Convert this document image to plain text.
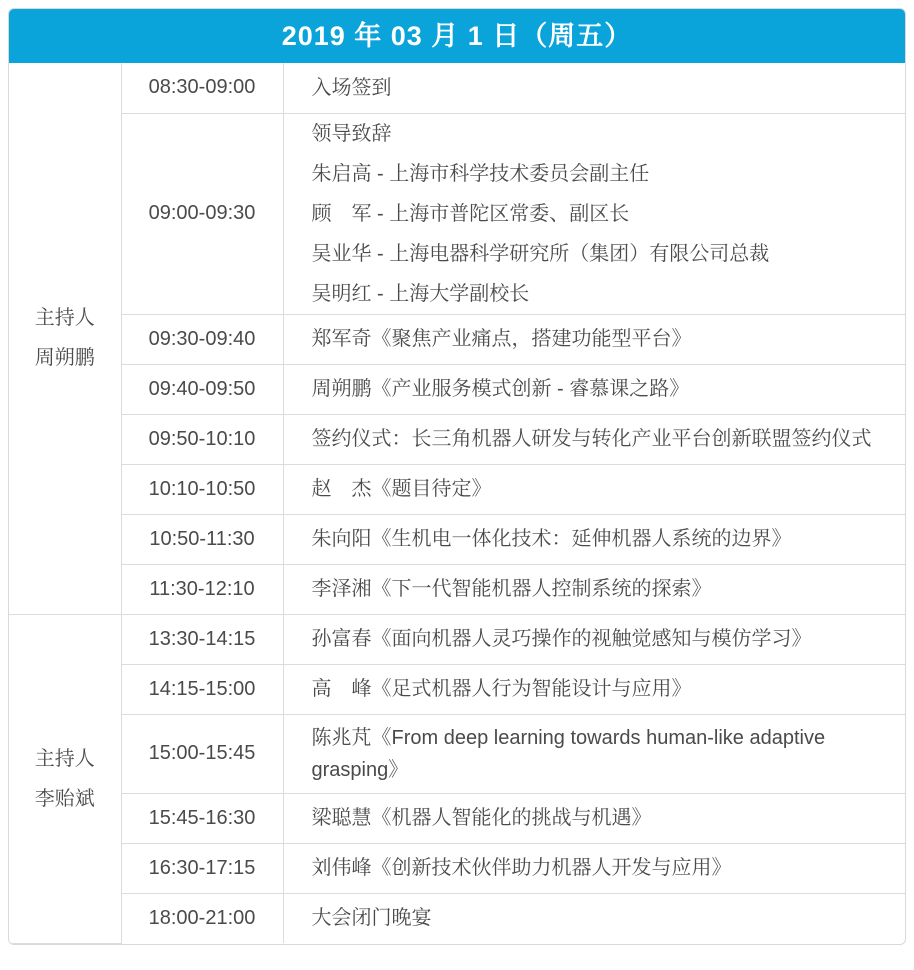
2019 年 03 月 1 日（周五）
主持人
周朔鹏	08:30-09:00	入场签到

	09:00-09:30	领导致辞
朱启高 - 上海市科学技术委员会副主任
顾　军 - 上海市普陀区常委、副区长
吴业华 - 上海电器科学研究所（集团）有限公司总裁
吴明红 - 上海大学副校长

	09:30-09:40	郑军奇《聚焦产业痛点，搭建功能型平台》

	09:40-09:50	周朔鹏《产业服务模式创新 - 睿慕课之路》

	09:50-10:10	签约仪式：长三角机器人研发与转化产业平台创新联盟签约仪式

	10:10-10:50	赵　杰《题目待定》

	10:50-11:30	朱向阳《生机电一体化技术：延伸机器人系统的边界》

	11:30-12:10	李泽湘《下一代智能机器人控制系统的探索》

主持人
李贻斌	13:30-14:15	孙富春《面向机器人灵巧操作的视触觉感知与模仿学习》

	14:15-15:00	高　峰《足式机器人行为智能设计与应用》

	15:00-15:45	陈兆芃《From deep learning towards human-like adaptive grasping》

	15:45-16:30	梁聪慧《机器人智能化的挑战与机遇》

	16:30-17:15	刘伟峰《创新技术伙伴助力机器人开发与应用》

	18:00-21:00	大会闭门晚宴
